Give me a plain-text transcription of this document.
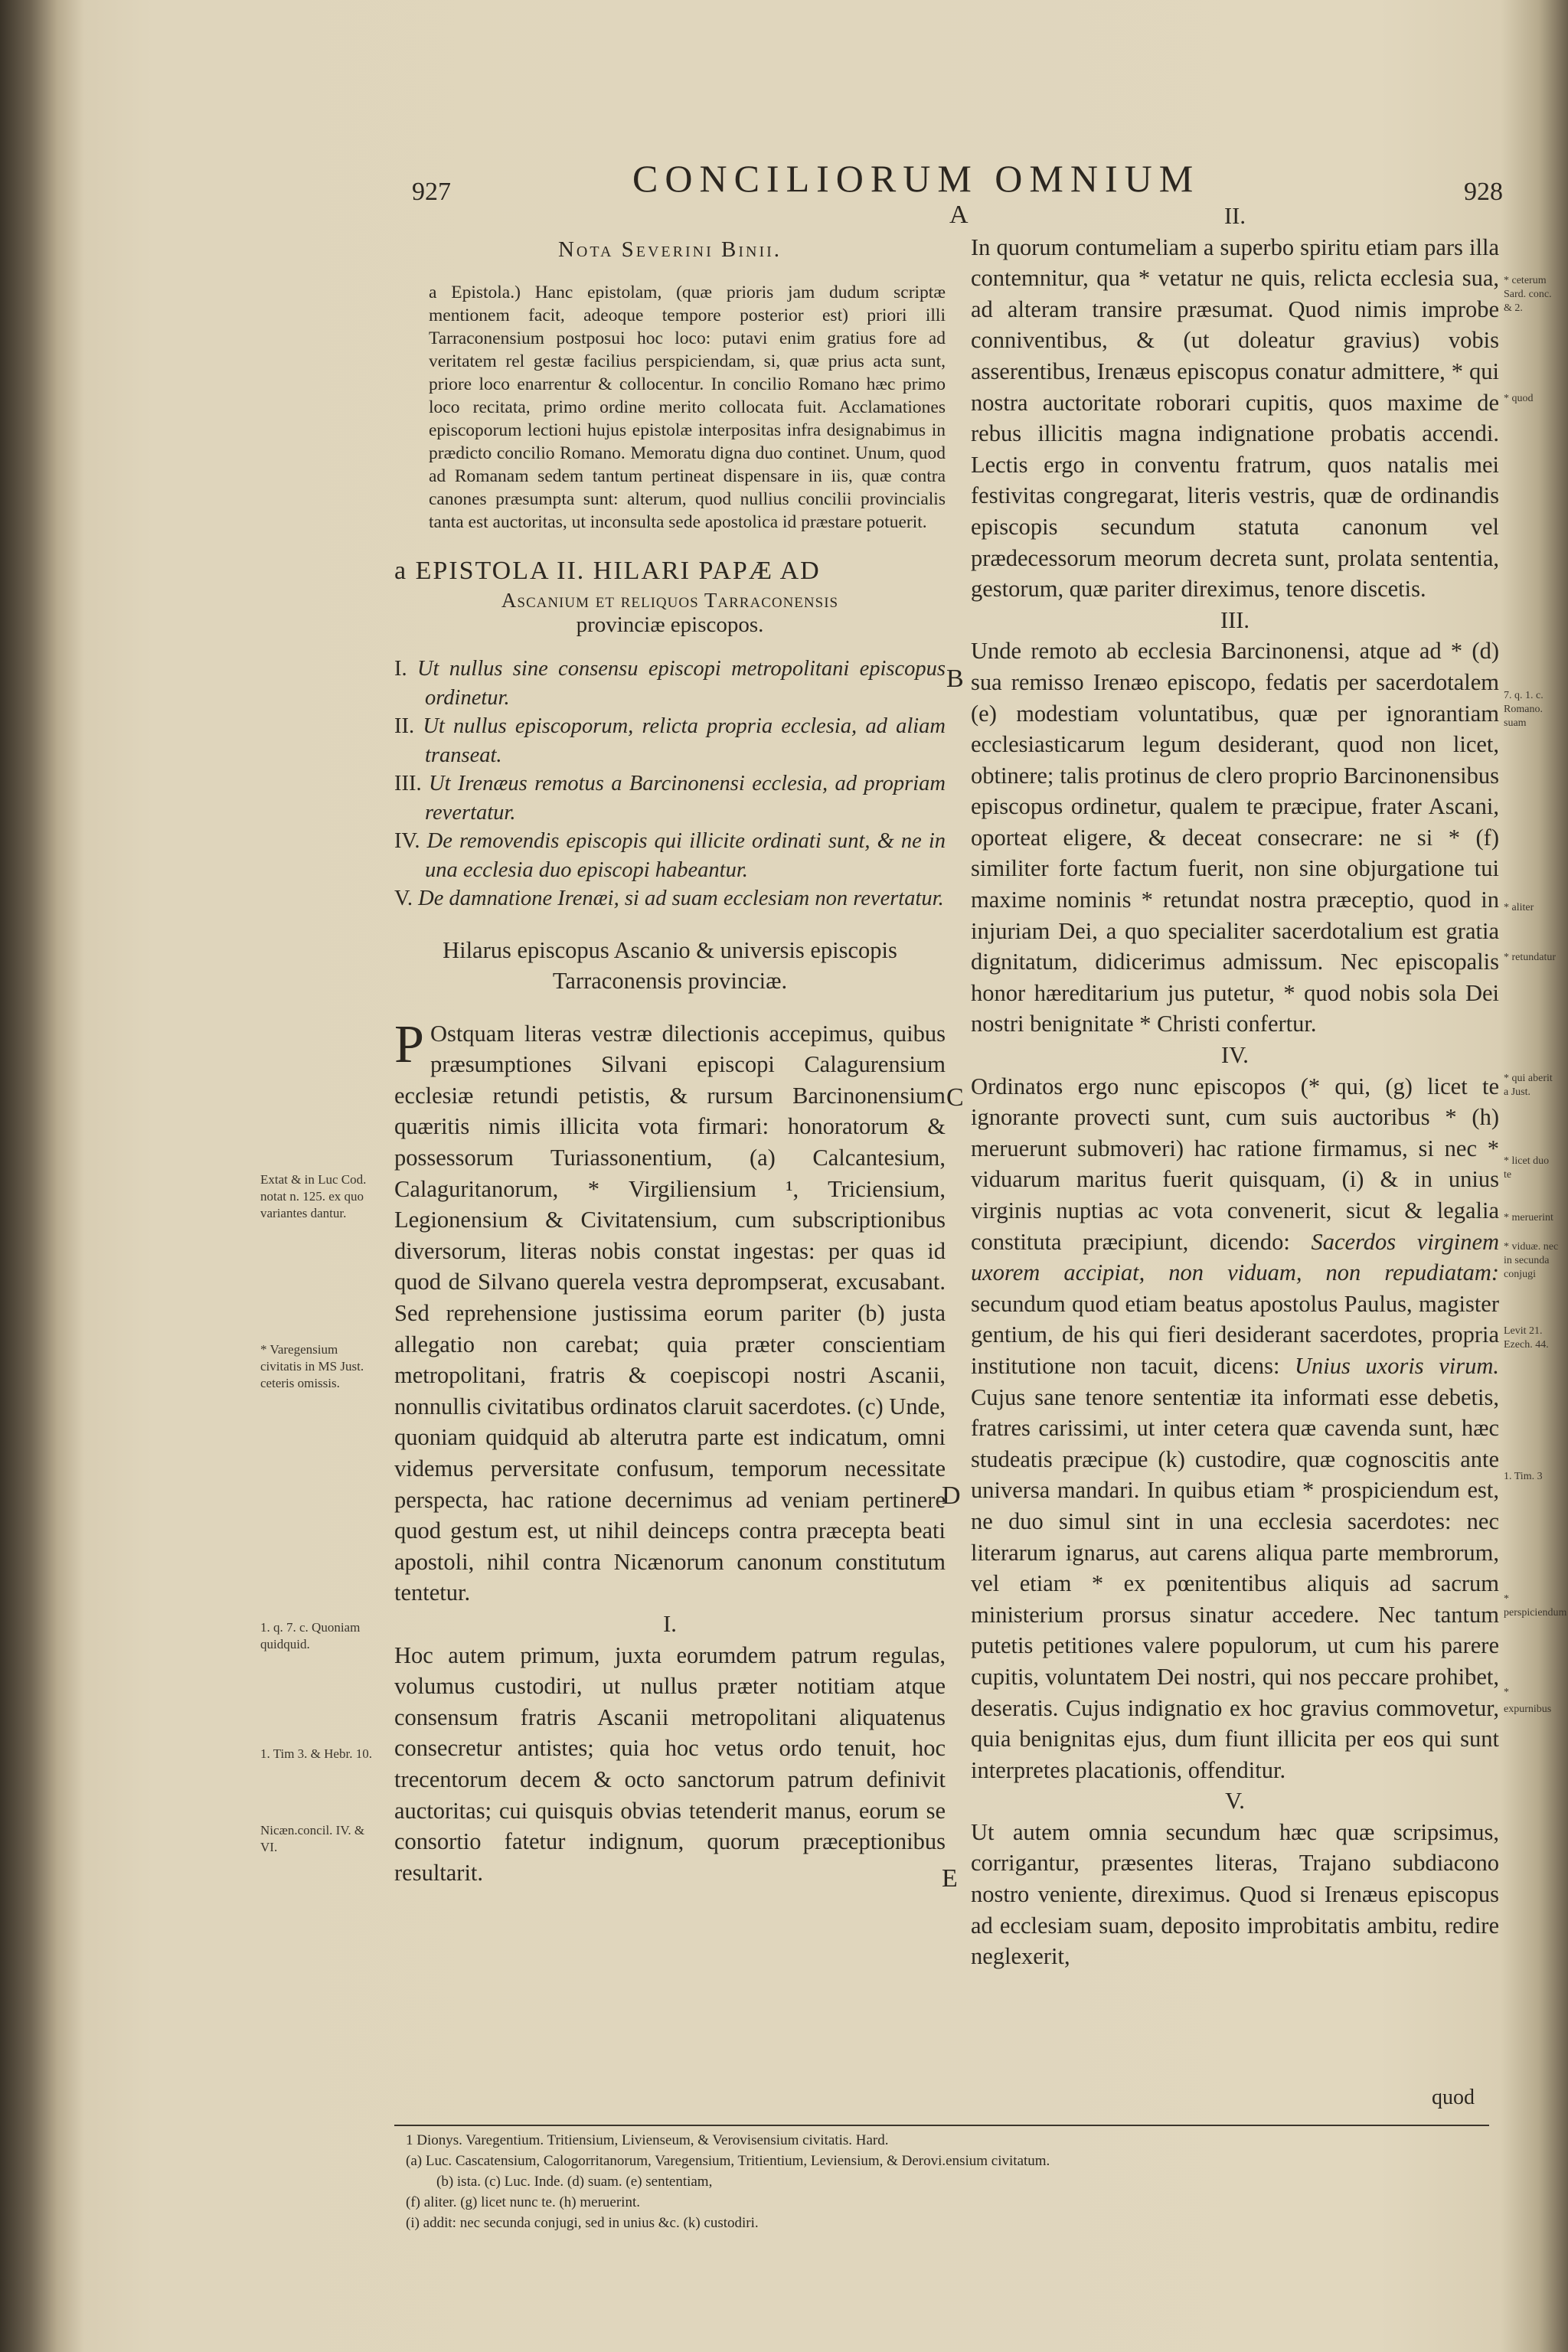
927	CONCILIORUM OMNIUM	928
A
B
C
D
E
Nota Severini Binii.
a Epistola.) Hanc epistolam, (quæ prioris jam dudum scriptæ mentionem facit, adeoque tempore posterior est) priori illi Tarraconensium postposui hoc loco: putavi enim gratius fore ad veritatem rel gestæ facilius perspiciendam, si, quæ prius acta sunt, priore loco enarrentur & collocentur. In concilio Romano hæc primo loco recitata, primo ordine merito collocata fuit. Acclamationes episcoporum lectioni hujus epistolæ interpositas infra designabimus in prædicto concilio Romano. Memoratu digna duo continet. Unum, quod ad Romanam sedem tantum pertineat dispensare in iis, quæ contra canones præsumpta sunt: alterum, quod nullius concilii provincialis tanta est auctoritas, ut inconsulta sede apostolica id præstare potuerit.
a EPISTOLA II. HILARI PAPÆ AD
Ascanium et reliquos Tarraconensis
provinciæ episcopos.

I. Ut nullus sine consensu episcopi metropolitani episcopus ordinetur.

II. Ut nullus episcoporum, relicta propria ecclesia, ad aliam transeat.

III. Ut Irenæus remotus a Barcinonensi ecclesia, ad propriam revertatur.

IV. De removendis episcopis qui illicite ordinati sunt, & ne in una ecclesia duo episcopi habeantur.

V. De damnatione Irenæi, si ad suam ecclesiam non revertatur.

Hilarus episcopus Ascanio & universis episcopis Tarraconensis provinciæ.
P Ostquam literas vestræ dilectionis accepimus, quibus præsumptiones Silvani episcopi Calagurensium ecclesiæ retundi petistis, & rursum Barcinonensium quæritis nimis illicita vota firmari: honoratorum & possessorum Turiassonentium, (a) Calcantesium, Calaguritanorum, * Virgiliensium ¹, Triciensium, Legionensium & Civitatensium, cum subscriptionibus diversorum, literas nobis constat ingestas: per quas id quod de Silvano querela vestra deprompserat, excusabant. Sed reprehensione justissima eorum pariter (b) justa allegatio non carebat; quia præter conscientiam metropolitani, fratris & coepiscopi nostri Ascanii, nonnullis civitatibus ordinatos claruit sacerdotes. (c) Unde, quoniam quidquid ab alterutra parte est indicatum, omni videmus perversitate confusum, temporum necessitate perspecta, hac ratione decernimus ad veniam pertinere quod gestum est, ut nihil deinceps contra præcepta beati apostoli, nihil contra Nicænorum canonum constitutum tentetur.
I.
Hoc autem primum, juxta eorumdem patrum regulas, volumus custodiri, ut nullus præter notitiam atque consensum fratris Ascanii metropolitani aliquatenus consecretur antistes; quia hoc vetus ordo tenuit, hoc trecentorum decem & octo sanctorum patrum definivit auctoritas; cui quisquis obvias tetenderit manus, eorum se consortio fatetur indignum, quorum præceptionibus resultarit.
Extat & in Luc Cod. notat n. 125. ex quo variantes dantur.
* Varegensium civitatis in MS Just. ceteris omissis.
1. q. 7. c. Quoniam quidquid.
1. Tim 3. & Hebr. 10.
Nicæn.concil. IV. & VI.
II.
In quorum contumeliam a superbo spiritu etiam pars illa contemnitur, qua * vetatur ne quis, relicta ecclesia sua, ad alteram transire præsumat. Quod nimis improbe conniventibus, & (ut doleatur gravius) vobis asserentibus, Irenæus episcopus conatur admittere, * qui nostra auctoritate roborari cupitis, quos maxime de rebus illicitis magna indignatione probatis accendi. Lectis ergo in conventu fratrum, quos natalis mei festivitas congregarat, literis vestris, quæ de ordinandis episcopis secundum statuta canonum vel prædecessorum meorum decreta sunt, prolata sententia, gestorum, quæ pariter direximus, tenore discetis.
III.
Unde remoto ab ecclesia Barcinonensi, atque ad * (d) sua remisso Irenæo episcopo, fedatis per sacerdotalem (e) modestiam voluntatibus, quæ per ignorantiam ecclesiasticarum legum desiderant, quod non licet, obtinere; talis protinus de clero proprio Barcinonensibus episcopus ordinetur, qualem te præcipue, frater Ascani, oporteat eligere, & deceat consecrare: ne si * (f) similiter forte factum fuerit, non sine objurgatione tui maxime nominis * retundat nostra præceptio, quod in injuriam Dei, a quo specialiter sacerdotalium est gratia dignitatum, didicerimus admissum. Nec episcopalis honor hæreditarium jus putetur, * quod nobis sola Dei nostri benignitate * Christi confertur.
IV.
Ordinatos ergo nunc episcopos (* qui, (g) licet te ignorante provecti sunt, cum suis auctoribus * (h) meruerunt submoveri) hac ratione firmamus, si nec * viduarum maritus fuerit quisquam, (i) & in unius virginis nuptias ac vota convenerit, sicut & legalia constituta præcipiunt, dicendo: Sacerdos virginem uxorem accipiat, non viduam, non repudiatam: secundum quod etiam beatus apostolus Paulus, magister gentium, de his qui fieri desiderant sacerdotes, propria institutione non tacuit, dicens: Unius uxoris virum. Cujus sane tenore sententiæ ita informati esse debetis, fratres carissimi, ut inter cetera quæ cavenda sunt, hæc studeatis præcipue (k) custodire, quæ cognoscitis ante universa mandari. In quibus etiam * prospiciendum est, ne duo simul sint in una ecclesia sacerdotes: nec literarum ignarus, aut carens aliqua parte membrorum, vel etiam * ex pœnitentibus aliquis ad sacrum ministerium prorsus sinatur accedere. Nec tantum putetis petitiones valere populorum, ut cum his parere cupitis, voluntatem Dei nostri, qui nos peccare prohibet, deseratis. Cujus indignatio ex hoc gravius commovetur, quia benignitas ejus, dum fiunt illicita per eos qui sunt interpretes placationis, offenditur.
V.
Ut autem omnia secundum hæc quæ scripsimus, corrigantur, præsentes literas, Trajano subdiacono nostro veniente, direximus. Quod si Irenæus episcopus ad ecclesiam suam, deposito improbitatis ambitu, redire neglexerit,
quod
* ceterum Sard. conc. & 2.
* quod
7. q. 1. c. Romano. suam
* aliter
* retundatur
* qui aberit a Just.
* licet duo te
* meruerint
* viduæ. nec in secunda conjugi
Levit 21. Ezech. 44.
1. Tim. 3
* perspiciendum
* expurnibus
1 Dionys. Varegentium. Tritiensium, Livienseum, & Verovisensium civitatis. Hard.
(a) Luc. Cascatensium, Calogorritanorum, Varegensium, Tritientium, Leviensium, & Derovi.ensium civitatum.
(b) ista. (c) Luc. Inde. (d) suam. (e) sententiam,
(f) aliter. (g) licet nunc te. (h) meruerint.
(i) addit: nec secunda conjugi, sed in unius &c. (k) custodiri.
